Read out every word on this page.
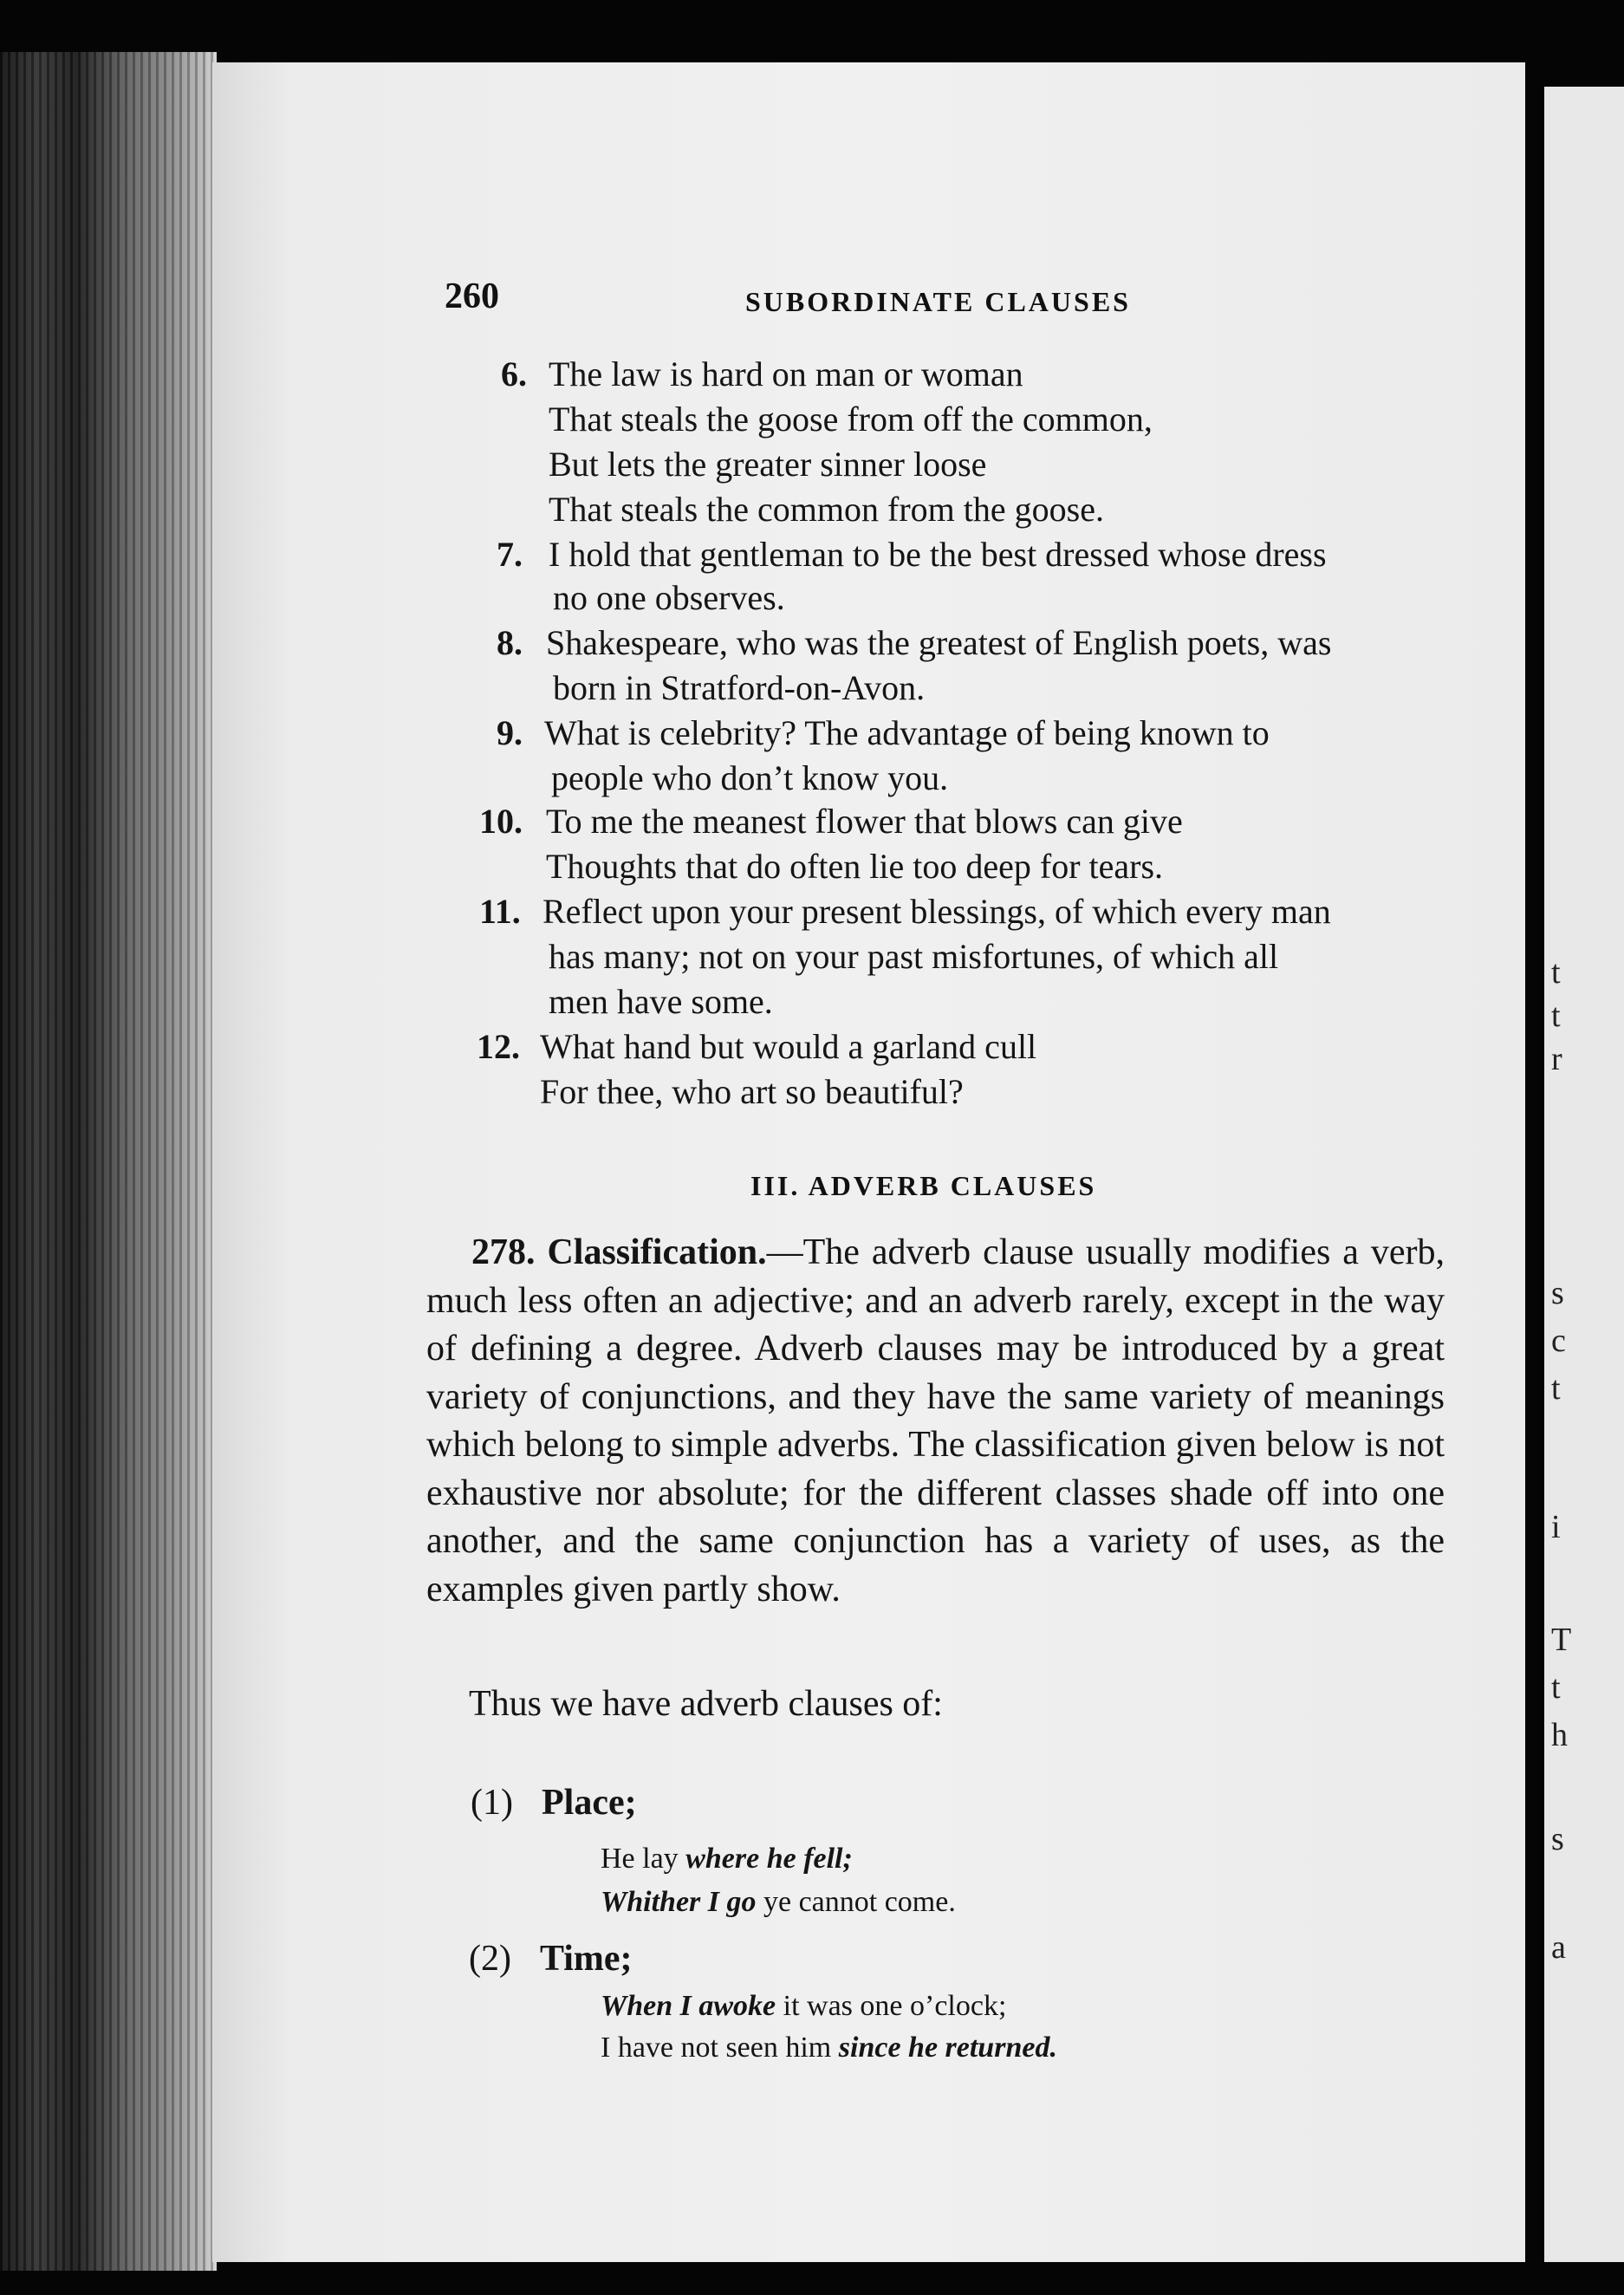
t
t
r
s
c
t
i
T
t
h
s
a
260	SUBORDINATE CLAUSES
6. The law is hard on man or woman
That steals the goose from off the common,
But lets the greater sinner loose
That steals the common from the goose.
7. I hold that gentleman to be the best dressed whose dress
no one observes.
8. Shakespeare, who was the greatest of English poets, was
born in Stratford-on-Avon.
9. What is celebrity? The advantage of being known to
people who don’t know you.
10. To me the meanest flower that blows can give
Thoughts that do often lie too deep for tears.
11. Reflect upon your present blessings, of which every man
has many; not on your past misfortunes, of which all
men have some.
12. What hand but would a garland cull
For thee, who art so beautiful?
III. ADVERB CLAUSES
278. Classification.—The adverb clause usually modifies a verb, much less often an adjective; and an adverb rarely, except in the way of defining a degree. Adverb clauses may be introduced by a great variety of conjunctions, and they have the same variety of meanings which belong to simple adverbs. The classification given below is not exhaustive nor absolute; for the different classes shade off into one another, and the same conjunction has a variety of uses, as the examples given partly show.
Thus we have adverb clauses of:
(1) Place;
He lay where he fell;
Whither I go ye cannot come.
(2) Time;
When I awoke it was one o’clock;
I have not seen him since he returned.
